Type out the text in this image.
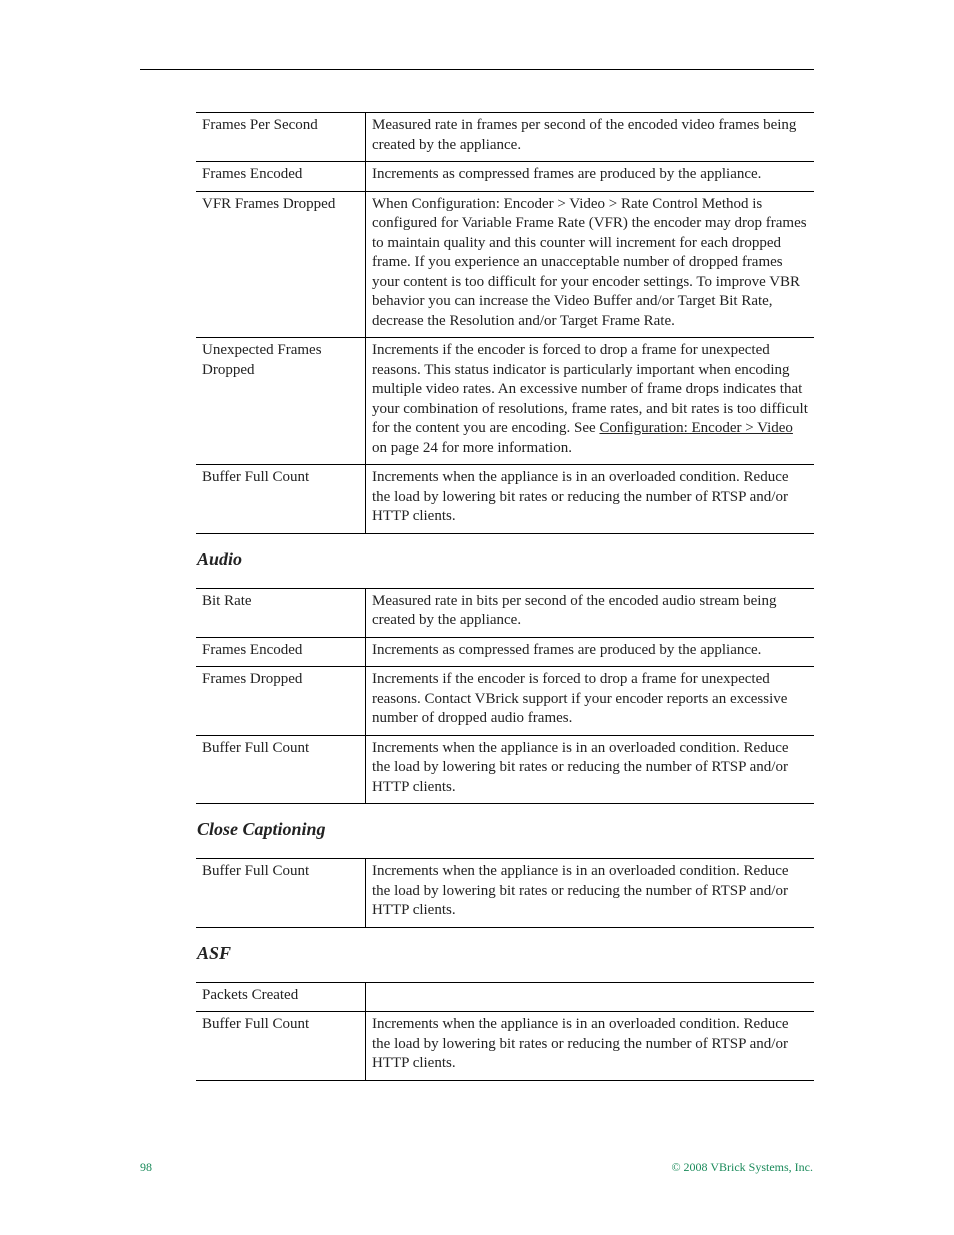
Frames Per Second	Measured rate in frames per second of the encoded video frames being created by the appliance.
Frames Encoded	Increments as compressed frames are produced by the appliance.
VFR Frames Dropped	When Configuration: Encoder > Video > Rate Control Method is configured for Variable Frame Rate (VFR) the encoder may drop frames to maintain quality and this counter will increment for each dropped frame. If you experience an unacceptable number of dropped frames your content is too difficult for your encoder settings. To improve VBR behavior you can increase the Video Buffer and/or Target Bit Rate, decrease the Resolution and/or Target Frame Rate.
Unexpected Frames Dropped	Increments if the encoder is forced to drop a frame for unexpected reasons. This status indicator is particularly important when encoding multiple video rates. An excessive number of frame drops indicates that your combination of resolutions, frame rates, and bit rates is too difficult for the content you are encoding. See Configuration: Encoder > Video on page 24 for more information.
Buffer Full Count	Increments when the appliance is in an overloaded condition. Reduce the load by lowering bit rates or reducing the number of RTSP and/or HTTP clients.
Audio
Bit Rate	Measured rate in bits per second of the encoded audio stream being created by the appliance.
Frames Encoded	Increments as compressed frames are produced by the appliance.
Frames Dropped	Increments if the encoder is forced to drop a frame for unexpected reasons. Contact VBrick support if your encoder reports an excessive number of dropped audio frames.
Buffer Full Count	Increments when the appliance is in an overloaded condition. Reduce the load by lowering bit rates or reducing the number of RTSP and/or HTTP clients.
Close Captioning
Buffer Full Count	Increments when the appliance is in an overloaded condition. Reduce the load by lowering bit rates or reducing the number of RTSP and/or HTTP clients.
ASF
Packets Created	
Buffer Full Count	Increments when the appliance is in an overloaded condition. Reduce the load by lowering bit rates or reducing the number of RTSP and/or HTTP clients.
98	© 2008 VBrick Systems, Inc.
